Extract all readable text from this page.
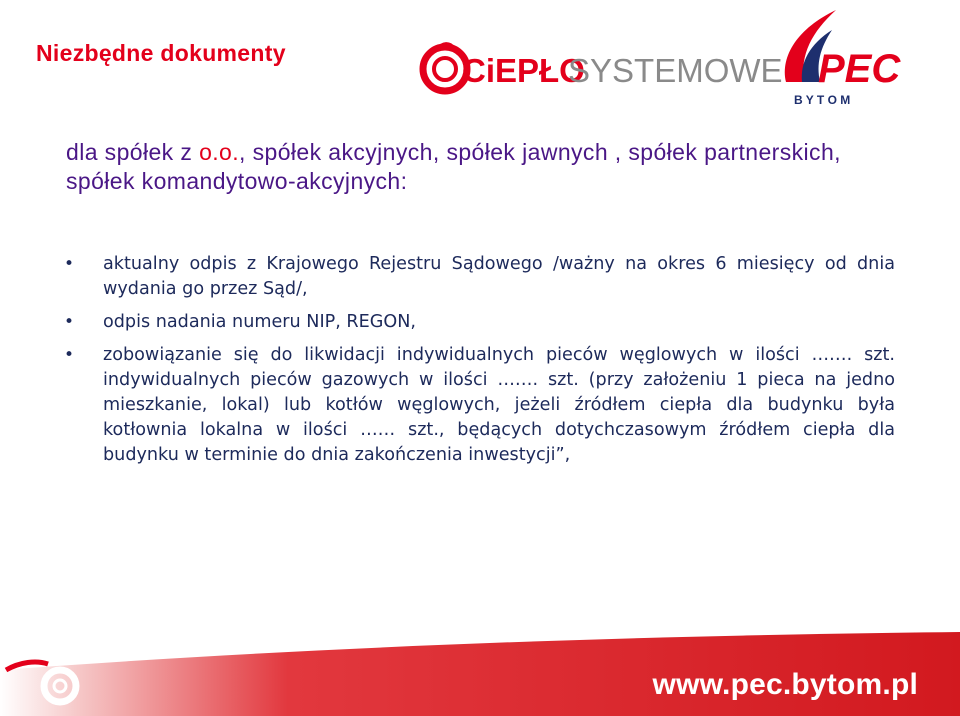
Niezbędne dokumenty	CiEPŁO
SYSTEMOWE PEC
B Y T O M
dla spółek z o.o., spółek akcyjnych, spółek jawnych , spółek partnerskich, spółek komandytowo-akcyjnych:
• aktualny odpis z Krajowego Rejestru Sądowego /ważny na okres 6 miesięcy od dnia wydania go przez Sąd/,
• odpis nadania numeru NIP, REGON,
• zobowiązanie się do likwidacji indywidualnych pieców węglowych w ilości ……. szt. indywidualnych pieców gazowych w ilości ……. szt. (przy założeniu 1 pieca na jedno mieszkanie, lokal) lub kotłów węglowych, jeżeli źródłem ciepła dla budynku była kotłownia lokalna w ilości …… szt., będących dotychczasowym źródłem ciepła dla budynku w terminie do dnia zakończenia inwestycji”,
www.pec.bytom.pl
